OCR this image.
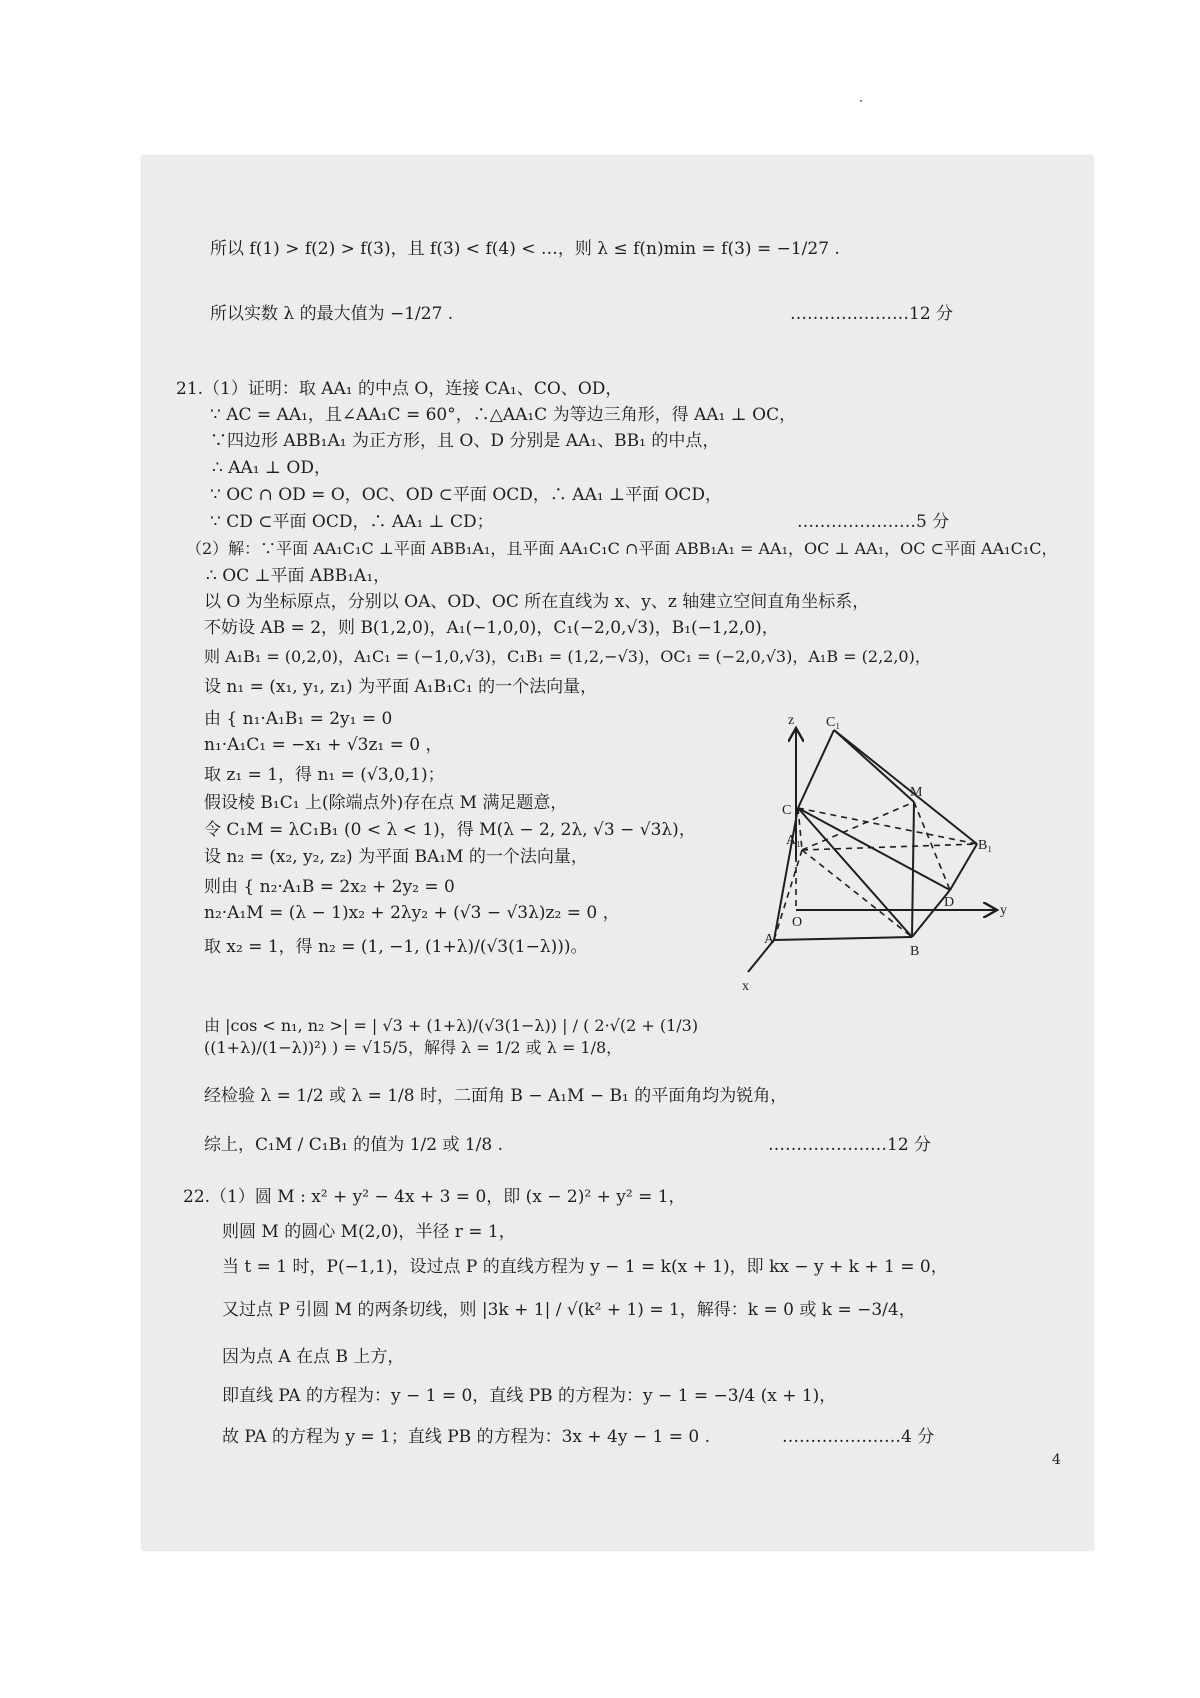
所以 f(1) > f(2) > f(3)，且 f(3) < f(4) < …，则 λ ≤ f(n)min = f(3) = −1/27 .
所以实数 λ 的最大值为 −1/27 .	…………………12 分
21.（1）证明：取 AA₁ 的中点 O，连接 CA₁、CO、OD，
∵ AC = AA₁，且∠AA₁C = 60°，∴△AA₁C 为等边三角形，得 AA₁ ⊥ OC，
∵四边形 ABB₁A₁ 为正方形，且 O、D 分别是 AA₁、BB₁ 的中点，
∴ AA₁ ⊥ OD，
∵ OC ∩ OD = O，OC、OD ⊂平面 OCD，∴ AA₁ ⊥平面 OCD，
∵ CD ⊂平面 OCD，∴ AA₁ ⊥ CD；	…………………5 分
（2）解：∵平面 AA₁C₁C ⊥平面 ABB₁A₁，且平面 AA₁C₁C ∩平面 ABB₁A₁ = AA₁，OC ⊥ AA₁，OC ⊂平面 AA₁C₁C，
∴ OC ⊥平面 ABB₁A₁，
以 O 为坐标原点，分别以 OA、OD、OC 所在直线为 x、y、z 轴建立空间直角坐标系，
不妨设 AB = 2，则 B(1,2,0)，A₁(−1,0,0)，C₁(−2,0,√3)，B₁(−1,2,0)，
则 A₁B₁ = (0,2,0)，A₁C₁ = (−1,0,√3)，C₁B₁ = (1,2,−√3)，OC₁ = (−2,0,√3)，A₁B = (2,2,0)，
设 n₁ = (x₁, y₁, z₁) 为平面 A₁B₁C₁ 的一个法向量，
由 { n₁·A₁B₁ = 2y₁ = 0
n₁·A₁C₁ = −x₁ + √3z₁ = 0 ，
取 z₁ = 1，得 n₁ = (√3,0,1)；
假设棱 B₁C₁ 上(除端点外)存在点 M 满足题意，
令 C₁M = λC₁B₁ (0 < λ < 1)，得 M(λ − 2, 2λ, √3 − √3λ)，
设 n₂ = (x₂, y₂, z₂) 为平面 BA₁M 的一个法向量，
则由 { n₂·A₁B = 2x₂ + 2y₂ = 0
n₂·A₁M = (λ − 1)x₂ + 2λy₂ + (√3 − √3λ)z₂ = 0 ，
取 x₂ = 1，得 n₂ = (1, −1, (1+λ)/(√3(1−λ)))。
由 |cos < n₁, n₂ >| = | √3 + (1+λ)/(√3(1−λ)) | / ( 2·√(2 + (1/3)((1+λ)/(1−λ))²) ) = √15/5，解得 λ = 1/2 或 λ = 1/8，
经检验 λ = 1/2 或 λ = 1/8 时，二面角 B − A₁M − B₁ 的平面角均为锐角，
综上，C₁M / C₁B₁ 的值为 1/2 或 1/8 .	…………………12 分
22.（1）圆 M : x² + y² − 4x + 3 = 0，即 (x − 2)² + y² = 1，
则圆 M 的圆心 M(2,0)，半径 r = 1，
当 t = 1 时，P(−1,1)，设过点 P 的直线方程为 y − 1 = k(x + 1)，即 kx − y + k + 1 = 0，
又过点 P 引圆 M 的两条切线，则 |3k + 1| / √(k² + 1) = 1，解得：k = 0 或 k = −3/4，
因为点 A 在点 B 上方，
即直线 PA 的方程为：y − 1 = 0，直线 PB 的方程为：y − 1 = −3/4 (x + 1)，
故 PA 的方程为 y = 1；直线 PB 的方程为：3x + 4y − 1 = 0 .	…………………4 分
4
z C₁
C
M
A₁	B₁
O
D
y
A
B
x
